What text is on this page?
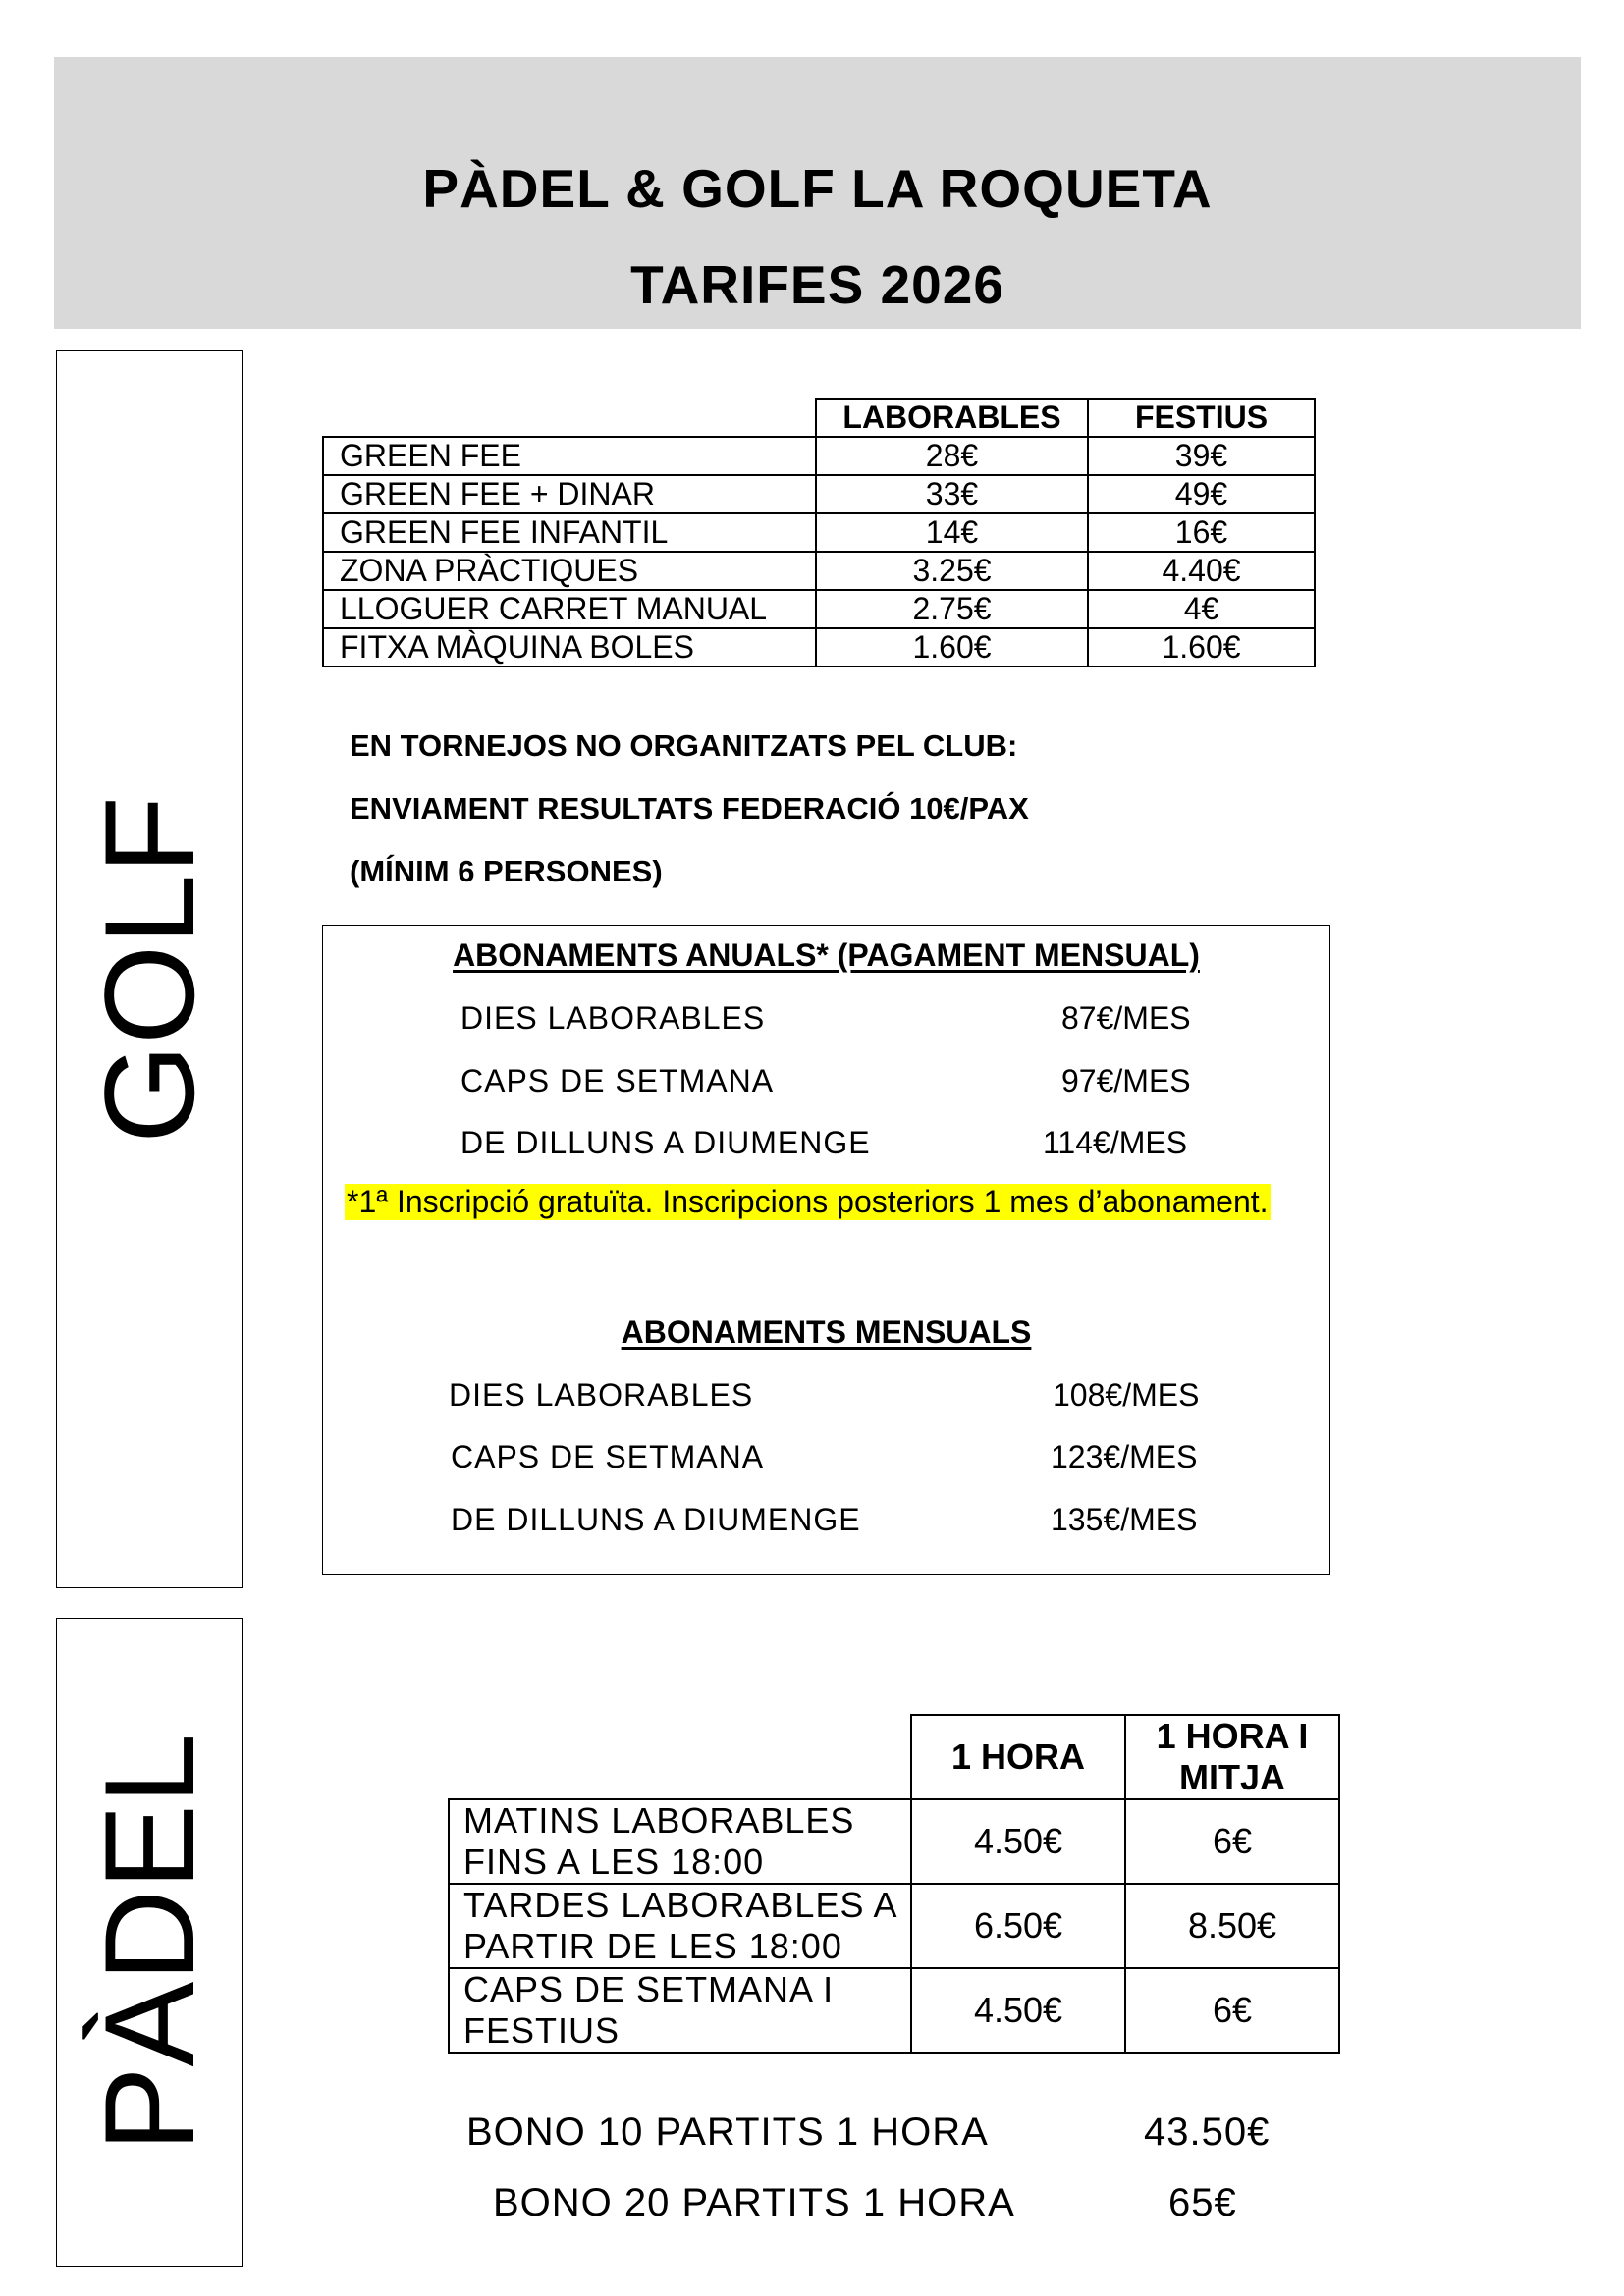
PÀDEL & GOLF LA ROQUETA
TARIFES 2026
GOLF
	LABORABLES	FESTIUS
GREEN FEE	28€	39€
GREEN FEE + DINAR	33€	49€
GREEN FEE INFANTIL	14€	16€
ZONA PRÀCTIQUES	3.25€	4.40€
LLOGUER CARRET MANUAL	2.75€	4€
FITXA MÀQUINA BOLES	1.60€	1.60€
EN TORNEJOS NO ORGANITZATS PEL CLUB:
ENVIAMENT RESULTATS FEDERACIÓ 10€/PAX
(MÍNIM 6 PERSONES)
ABONAMENTS ANUALS* (PAGAMENT MENSUAL)
DIES LABORABLES	87€/MES
CAPS DE SETMANA	97€/MES
DE DILLUNS A DIUMENGE	114€/MES
*1ª Inscripció gratuïta. Inscripcions posteriors 1 mes d’abonament.
ABONAMENTS MENSUALS
DIES LABORABLES	108€/MES
CAPS DE SETMANA	123€/MES
DE DILLUNS A DIUMENGE	135€/MES
PÀDEL
		1 HORA	1 HORA I MITJA
MATINS LABORABLES FINS A LES 18:00	4.50€	6€
TARDES LABORABLES A PARTIR DE LES 18:00	6.50€	8.50€
CAPS DE SETMANA I FESTIUS	4.50€	6€
BONO 10 PARTITS 1 HORA	43.50€
BONO 20 PARTITS 1 HORA	65€
